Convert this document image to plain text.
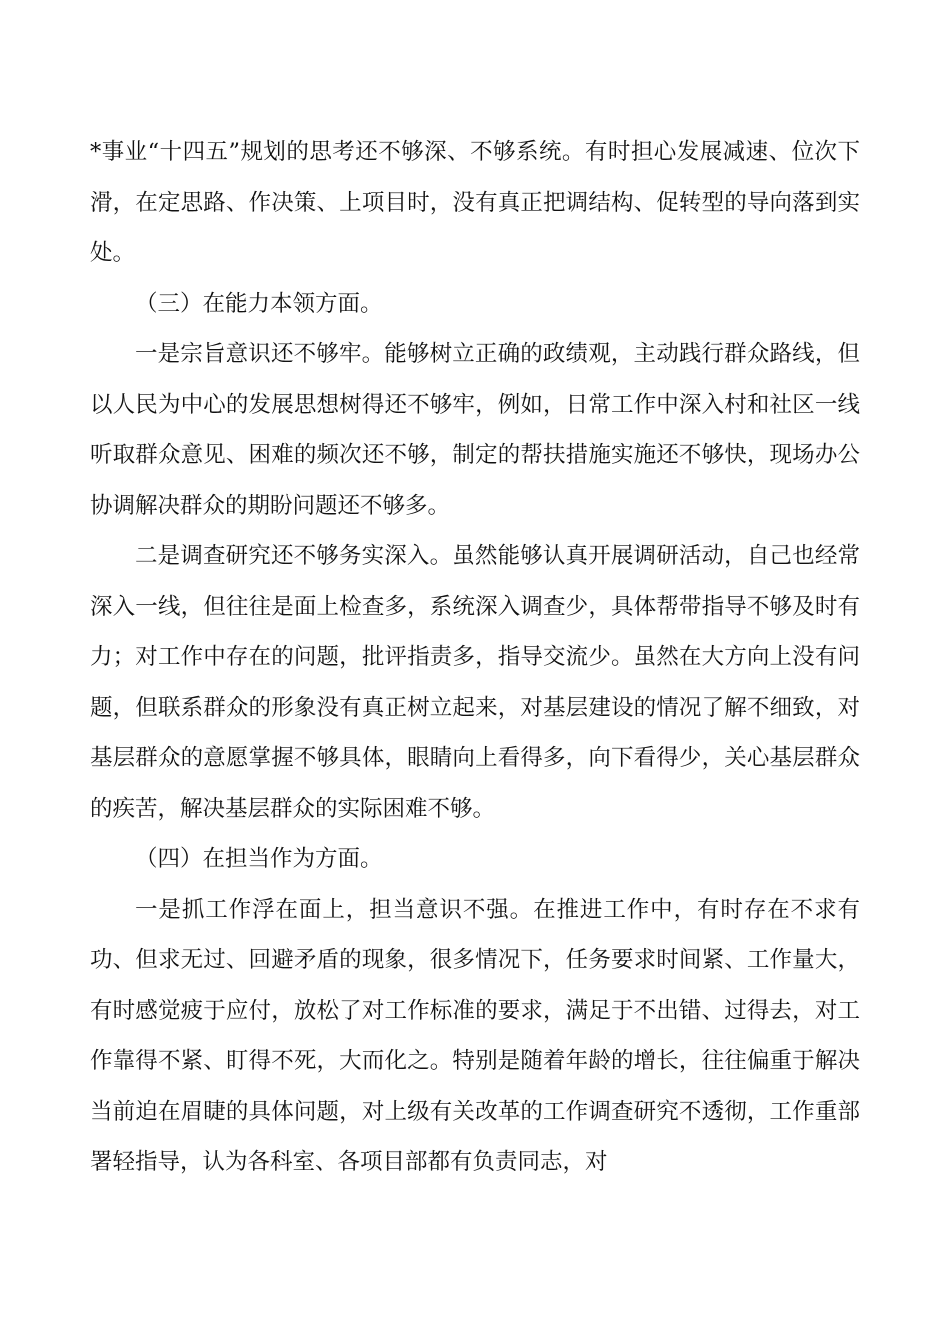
*事业“十四五”规划的思考还不够深、不够系统。有时担心发展减速、位次下滑，在定思路、作决策、上项目时，没有真正把调结构、促转型的导向落到实处。

（三）在能力本领方面。

一是宗旨意识还不够牢。能够树立正确的政绩观，主动践行群众路线，但以人民为中心的发展思想树得还不够牢，例如，日常工作中深入村和社区一线听取群众意见、困难的频次还不够，制定的帮扶措施实施还不够快，现场办公协调解决群众的期盼问题还不够多。

二是调查研究还不够务实深入。虽然能够认真开展调研活动，自己也经常深入一线，但往往是面上检查多，系统深入调查少，具体帮带指导不够及时有力；对工作中存在的问题，批评指责多，指导交流少。虽然在大方向上没有问题，但联系群众的形象没有真正树立起来，对基层建设的情况了解不细致，对基层群众的意愿掌握不够具体，眼睛向上看得多，向下看得少，关心基层群众的疾苦，解决基层群众的实际困难不够。

（四）在担当作为方面。

一是抓工作浮在面上，担当意识不强。在推进工作中，有时存在不求有功、但求无过、回避矛盾的现象，很多情况下，任务要求时间紧、工作量大，有时感觉疲于应付，放松了对工作标准的要求，满足于不出错、过得去，对工作靠得不紧、盯得不死，大而化之。特别是随着年龄的增长，往往偏重于解决当前迫在眉睫的具体问题，对上级有关改革的工作调查研究不透彻，工作重部署轻指导，认为各科室、各项目部都有负责同志，对
